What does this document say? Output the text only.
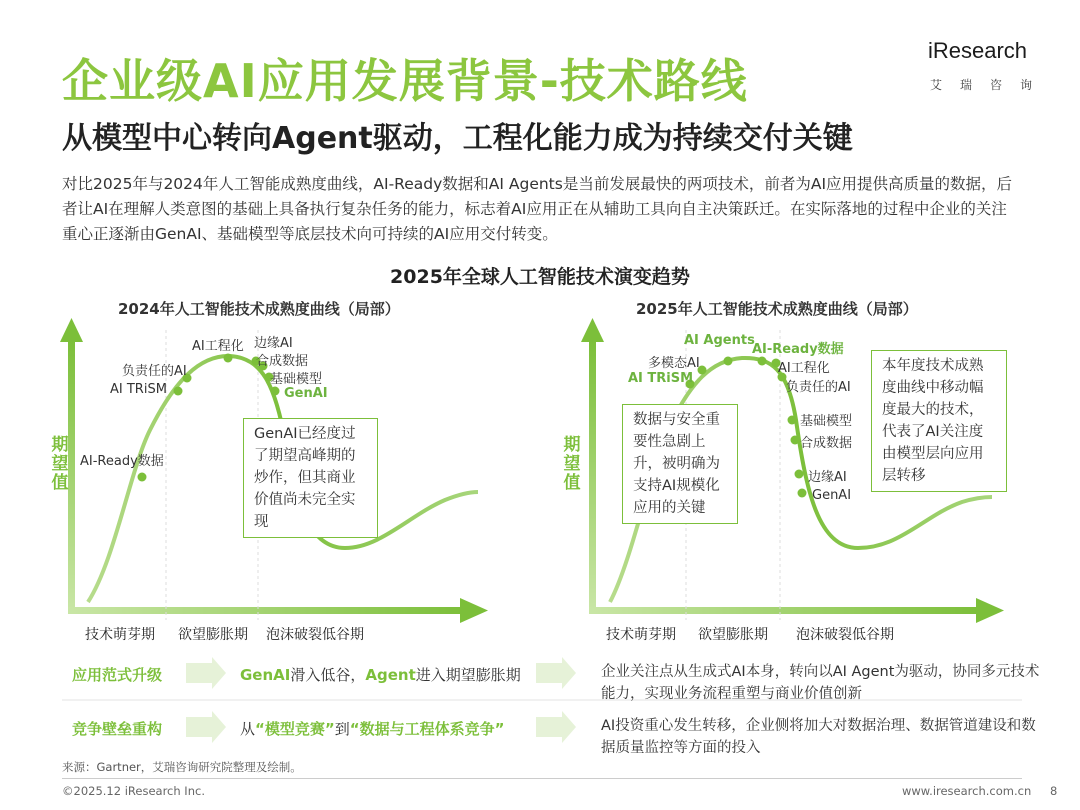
企业级AI应用发展背景-技术路线
从模型中心转向Agent驱动，工程化能力成为持续交付关键
iResearch
艾瑞咨询
对比2025年与2024年人工智能成熟度曲线，AI-Ready数据和AI Agents是当前发展最快的两项技术，前者为AI应用提供高质量的数据，后者让AI在理解人类意图的基础上具备执行复杂任务的能力，标志着AI应用正在从辅助工具向自主决策跃迁。在实际落地的过程中企业的关注重心正逐渐由GenAI、基础模型等底层技术向可持续的AI应用交付转变。
2025年全球人工智能技术演变趋势
2024年人工智能技术成熟度曲线（局部）
期望值
技术萌芽期 欲望膨胀期 泡沫破裂低谷期
AI-Ready数据
AI TRiSM
负责任的AI
AI工程化 边缘AI
合成数据
基础模型
GenAI
GenAI已经度过了期望高峰期的炒作，但其商业价值尚未完全实现
2025年人工智能技术成熟度曲线（局部）
期望值
技术萌芽期 欲望膨胀期 泡沫破裂低谷期
AI Agents
AI-Ready数据
多模态AI
AI TRiSM
AI工程化
负责任的AI
基础模型
合成数据
边缘AI
GenAI
数据与安全重要性急剧上升，被明确为支持AI规模化应用的关键
本年度技术成熟度曲线中移动幅度最大的技术，代表了AI关注度由模型层向应用层转移
应用范式升级	GenAI滑入低谷，Agent进入期望膨胀期	企业关注点从生成式AI本身，转向以AI Agent为驱动，协同多元技术能力，实现业务流程重塑与商业价值创新
竞争壁垒重构	从“模型竞赛”到“数据与工程体系竞争”	AI投资重心发生转移，企业侧将加大对数据治理、数据管道建设和数据质量监控等方面的投入
来源：Gartner，艾瑞咨询研究院整理及绘制。
©2025.12 iResearch Inc.	www.iresearch.com.cn 8
